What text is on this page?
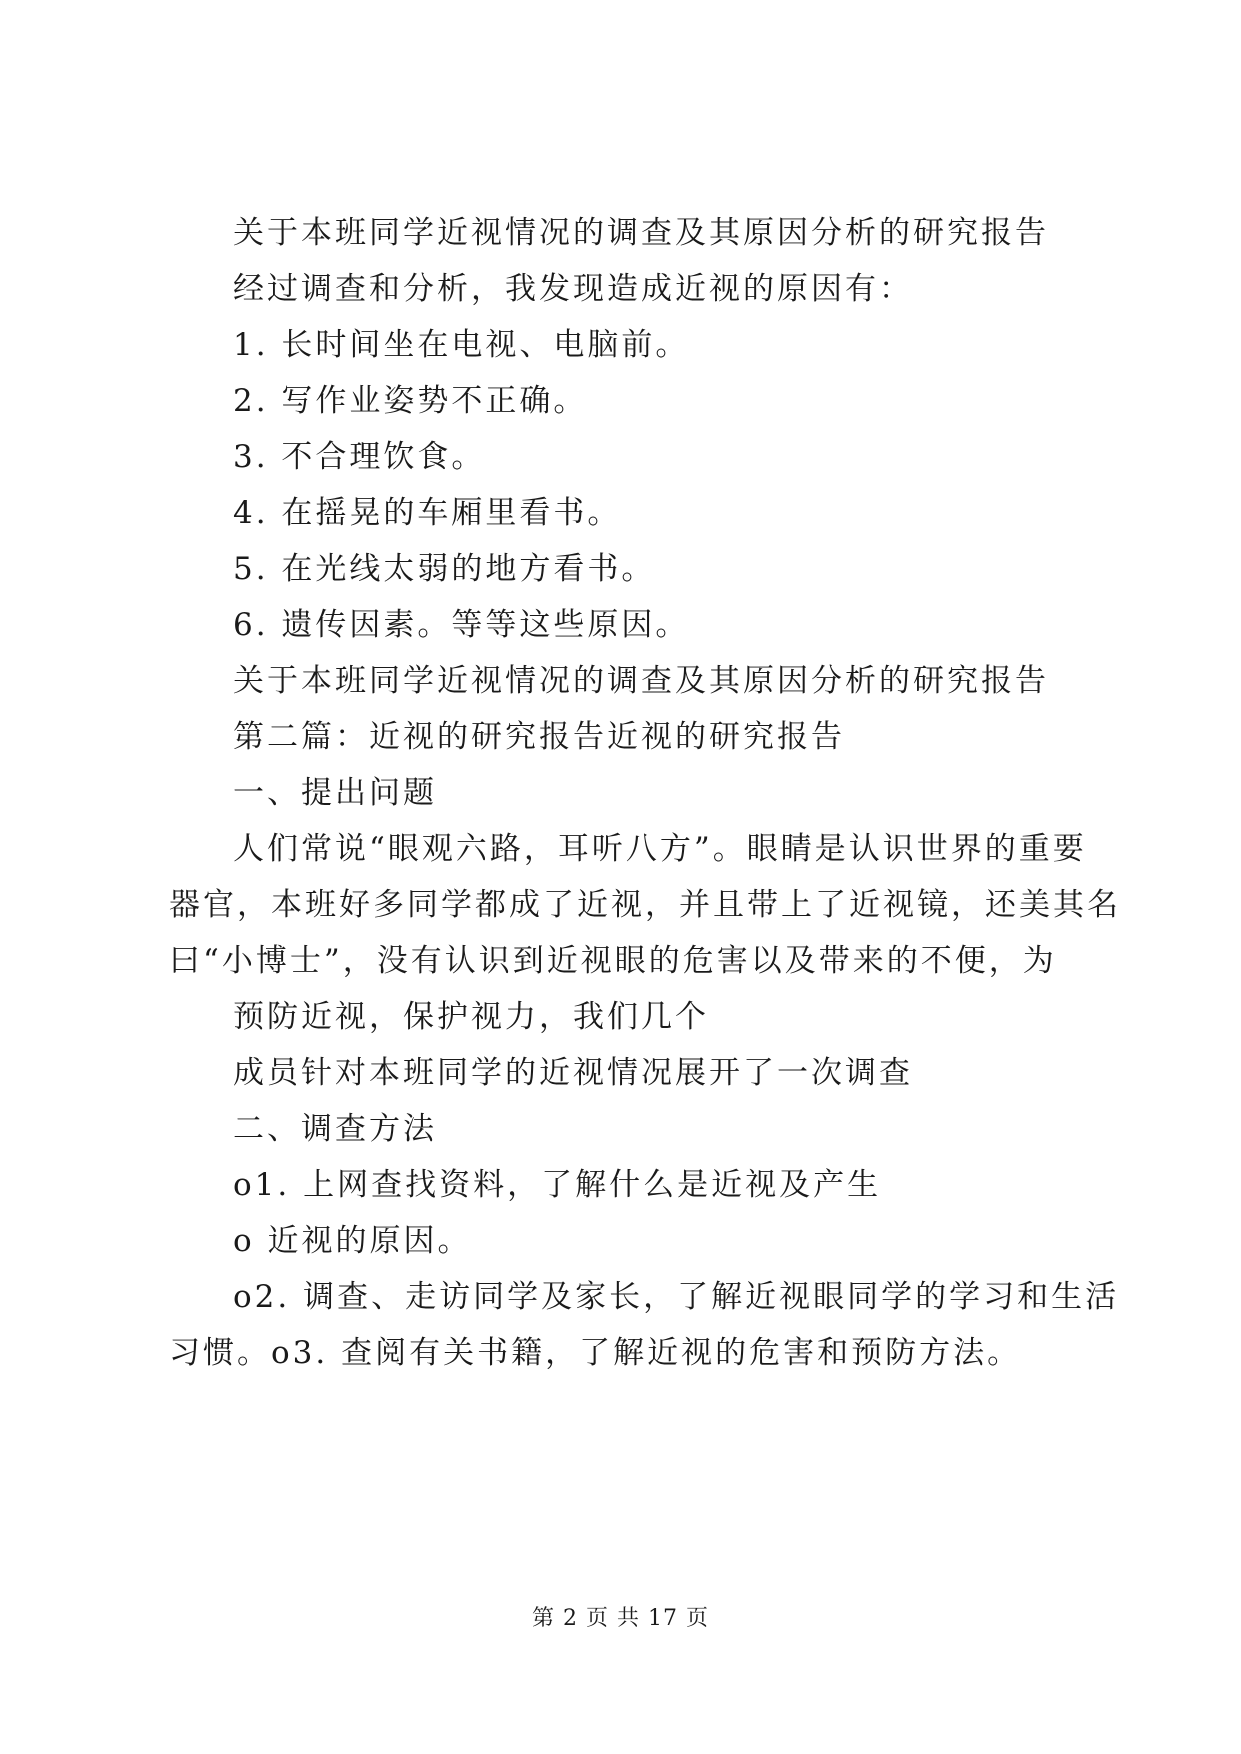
关于本班同学近视情况的调查及其原因分析的研究报告
经过调查和分析，我发现造成近视的原因有：
1. 长时间坐在电视、电脑前。
2. 写作业姿势不正确。
3. 不合理饮食。
4. 在摇晃的车厢里看书。
5. 在光线太弱的地方看书。
6. 遗传因素。等等这些原因。
关于本班同学近视情况的调查及其原因分析的研究报告
第二篇：近视的研究报告近视的研究报告
一、提出问题
人们常说“眼观六路，耳听八方”。眼睛是认识世界的重要
器官，本班好多同学都成了近视，并且带上了近视镜，还美其名
曰“小博士”，没有认识到近视眼的危害以及带来的不便，为
预防近视，保护视力，我们几个
成员针对本班同学的近视情况展开了一次调查
二、调查方法
o1. 上网查找资料，了解什么是近视及产生
o 近视的原因。
o2. 调查、走访同学及家长，了解近视眼同学的学习和生活
习惯。o3. 查阅有关书籍，了解近视的危害和预防方法。
第 2 页 共 17 页
